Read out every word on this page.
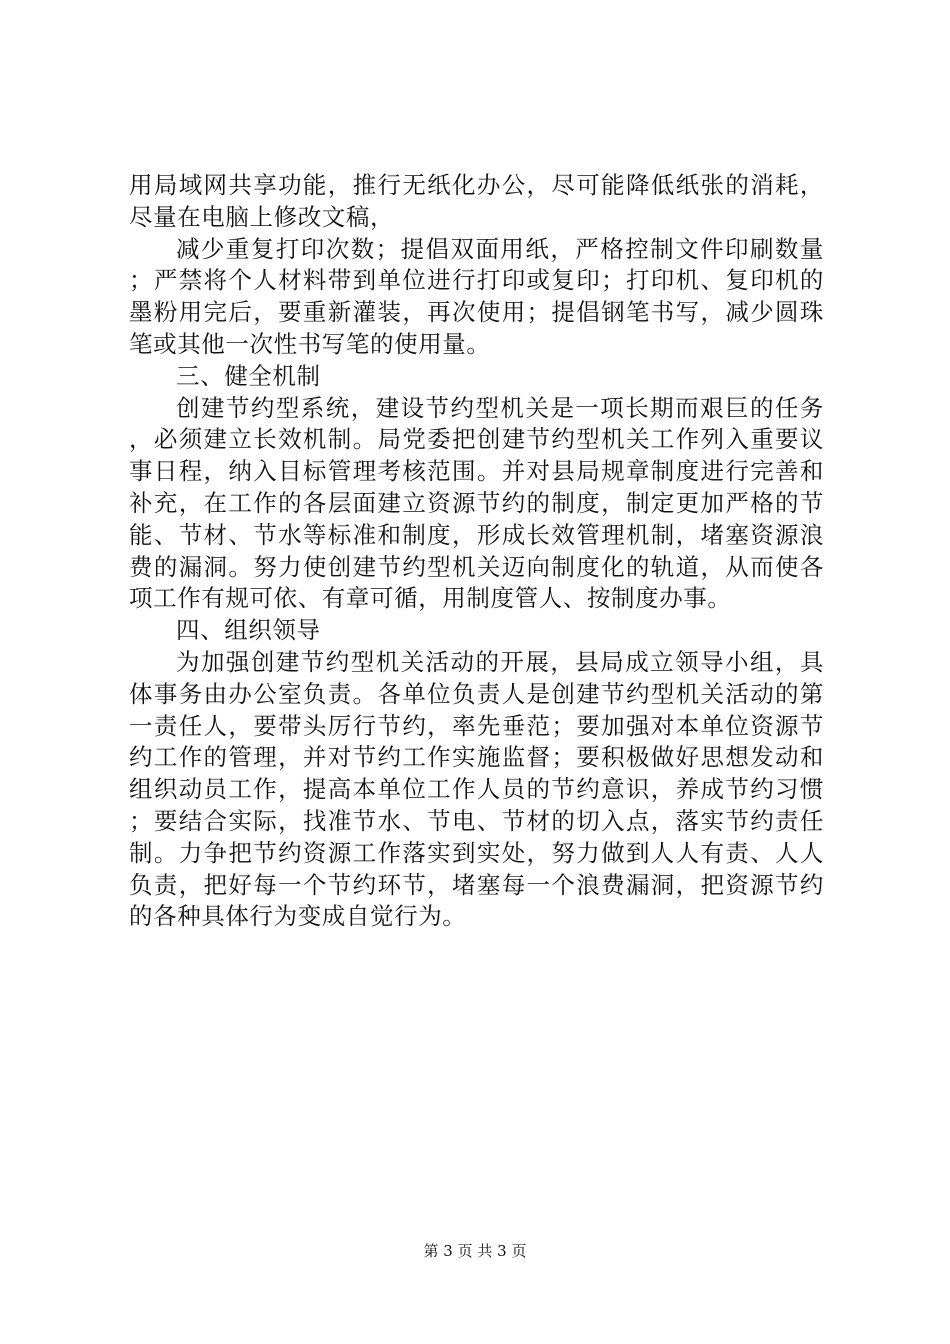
用局域网共享功能，推行无纸化办公，尽可能降低纸张的消耗，尽量在电脑上修改文稿，

减少重复打印次数；提倡双面用纸，严格控制文件印刷数量；严禁将个人材料带到单位进行打印或复印；打印机、复印机的墨粉用完后，要重新灌装，再次使用；提倡钢笔书写，减少圆珠笔或其他一次性书写笔的使用量。

三、健全机制

创建节约型系统，建设节约型机关是一项长期而艰巨的任务，必须建立长效机制。局党委把创建节约型机关工作列入重要议事日程，纳入目标管理考核范围。并对县局规章制度进行完善和补充，在工作的各层面建立资源节约的制度，制定更加严格的节能、节材、节水等标准和制度，形成长效管理机制，堵塞资源浪费的漏洞。努力使创建节约型机关迈向制度化的轨道，从而使各项工作有规可依、有章可循，用制度管人、按制度办事。

四、组织领导

为加强创建节约型机关活动的开展，县局成立领导小组，具体事务由办公室负责。各单位负责人是创建节约型机关活动的第一责任人，要带头厉行节约，率先垂范；要加强对本单位资源节约工作的管理，并对节约工作实施监督；要积极做好思想发动和组织动员工作，提高本单位工作人员的节约意识，养成节约习惯；要结合实际，找准节水、节电、节材的切入点，落实节约责任制。力争把节约资源工作落实到实处，努力做到人人有责、人人负责，把好每一个节约环节，堵塞每一个浪费漏洞，把资源节约的各种具体行为变成自觉行为。

第 3 页 共 3 页
